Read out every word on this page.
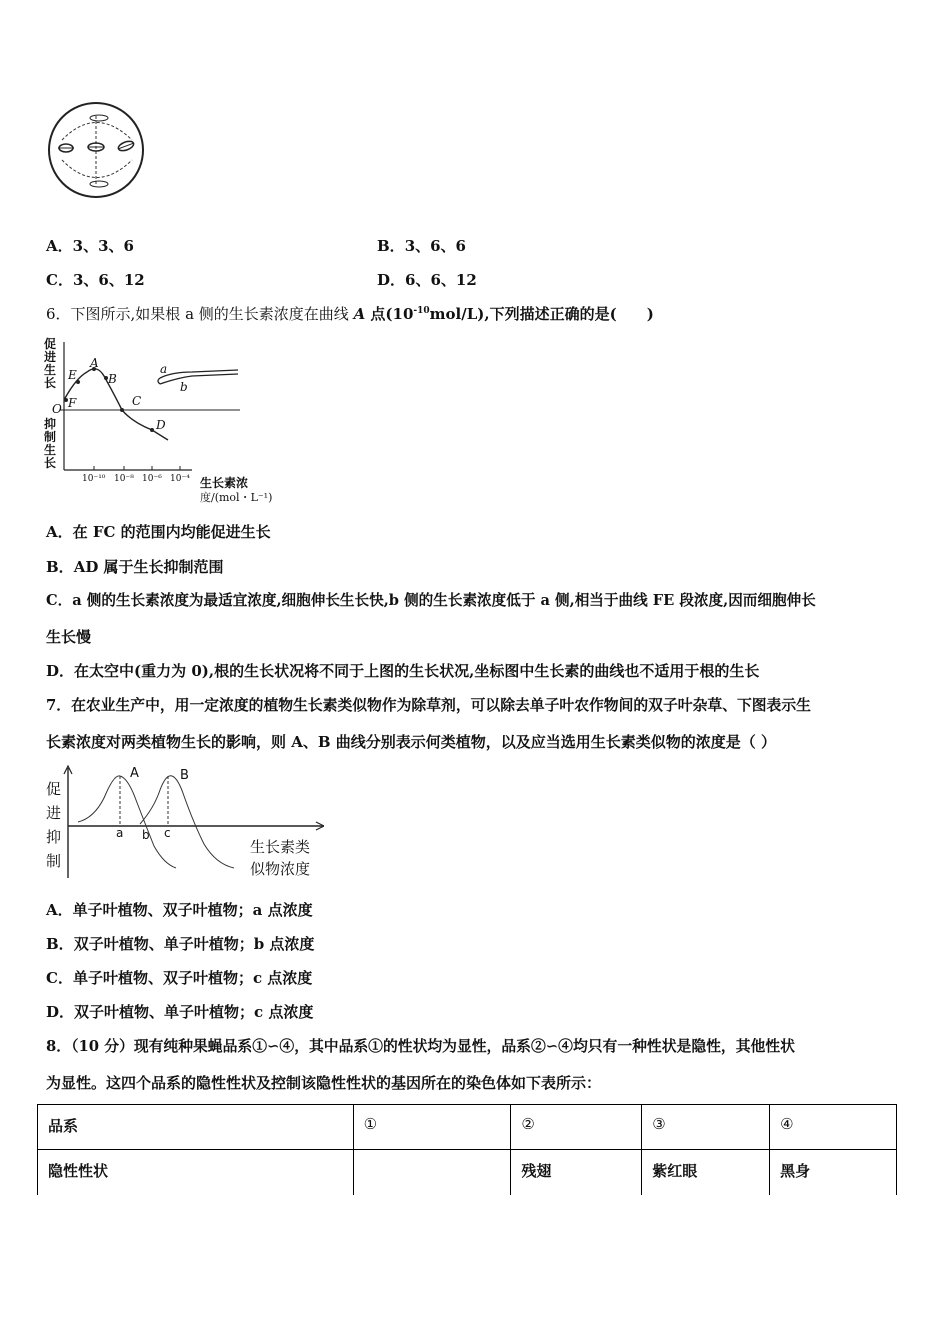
A．3、3、6	B．3、6、6
C．3、6、12	D．6、6、12
6．下图所示,如果根 a 侧的生长素浓度在曲线 A 点$(10^{-10}mol/L)$,下列描述正确的是(　　)
促进生长
抑制生长
O
A
B
C
D
E
F
a
b
10⁻¹⁰ 10⁻⁸ 10⁻⁶ 10⁻⁴ 生长素浓
度/(mol・L⁻¹)
A．在 FC 的范围内均能促进生长
B．AD 属于生长抑制范围
C．a 侧的生长素浓度为最适宜浓度,细胞伸长生长快,b 侧的生长素浓度低于 a 侧,相当于曲线 FE 段浓度,因而细胞伸长
生长慢
D．在太空中(重力为 0),根的生长状况将不同于上图的生长状况,坐标图中生长素的曲线也不适用于根的生长
7．在农业生产中，用一定浓度的植物生长素类似物作为除草剂，可以除去单子叶农作物间的双子叶杂草、下图表示生
长素浓度对两类植物生长的影响，则 A、B 曲线分别表示何类植物，以及应当选用生长素类似物的浓度是（ ）
促
进
抑
制
A	B
a b c
生长素类
似物浓度
A．单子叶植物、双子叶植物；a 点浓度
B．双子叶植物、单子叶植物；b 点浓度
C．单子叶植物、双子叶植物；c 点浓度
D．双子叶植物、单子叶植物；c 点浓度
8．（10 分）现有纯种果蝇品系①∽④，其中品系①的性状均为显性，品系②∽④均只有一种性状是隐性，其他性状
为显性。这四个品系的隐性性状及控制该隐性性状的基因所在的染色体如下表所示：
品系	①	②	③	④
隐性性状		残翅	紫红眼	黑身
